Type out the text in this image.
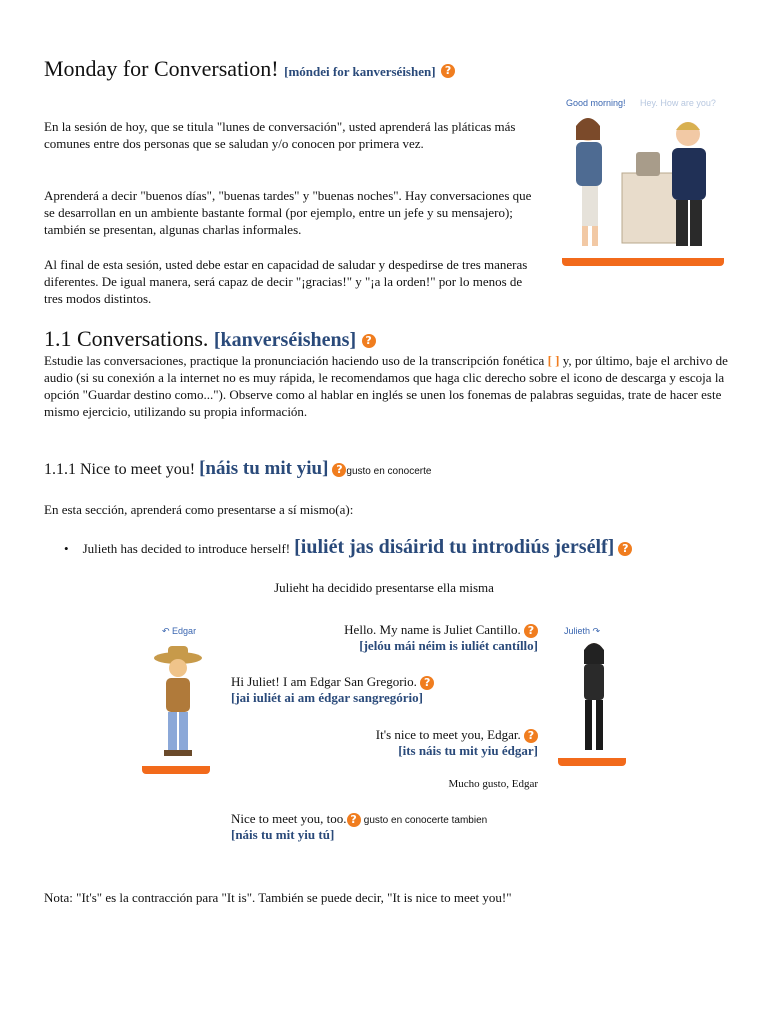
Monday for Conversation! [móndei for kanverséishen] ?
En la sesión de hoy, que se titula "lunes de conversación", usted aprenderá las pláticas más comunes entre dos personas que se saludan y/o conocen por primera vez.
Aprenderá a decir "buenos días", "buenas tardes" y "buenas noches". Hay conversaciones que se desarrollan en un ambiente bastante formal (por ejemplo, entre un jefe y su mensajero); también se presentan, algunas charlas informales.
Al final de esta sesión, usted debe estar en capacidad de saludar y despedirse de tres maneras diferentes. De igual manera, será capaz de decir "¡gracias!" y "¡a la orden!" por lo menos de tres modos distintos.
Good morning! Hey. How are you?
1.1 Conversations. [kanverséishens] ?
Estudie las conversaciones, practique la pronunciación haciendo uso de la transcripción fonética [ ] y, por último, baje el archivo de audio (si su conexión a la internet no es muy rápida, le recomendamos que haga clic derecho sobre el icono de descarga y escoja la opción "Guardar destino como..."). Observe como al hablar en inglés se unen los fonemas de palabras seguidas, trate de hacer este mismo ejercicio, utilizando su propia información.
1.1.1 Nice to meet you! [náis tu mit yiu] ? gusto en conocerte
En esta sección, aprenderá como presentarse a sí mismo(a):
• Julieth has decided to introduce herself! [iuliét jas disáirid tu introdiús jersélf] ?
Julieht ha decidido presentarse ella misma
↶ Edgar	Julieth ↷
Hello. My name is Juliet Cantillo. ?
[jelóu mái néim is iuliét cantíllo]
Hi Juliet! I am Edgar San Gregorio. ?
[jai iuliét ai am édgar sangregório]
It's nice to meet you, Edgar. ?
[its náis tu mit yiu édgar]
Mucho gusto, Edgar
Nice to meet you, too. ? gusto en conocerte tambien
[náis tu mit yiu tú]
Nota: "It's" es la contracción para "It is". También se puede decir, "It is nice to meet you!"
